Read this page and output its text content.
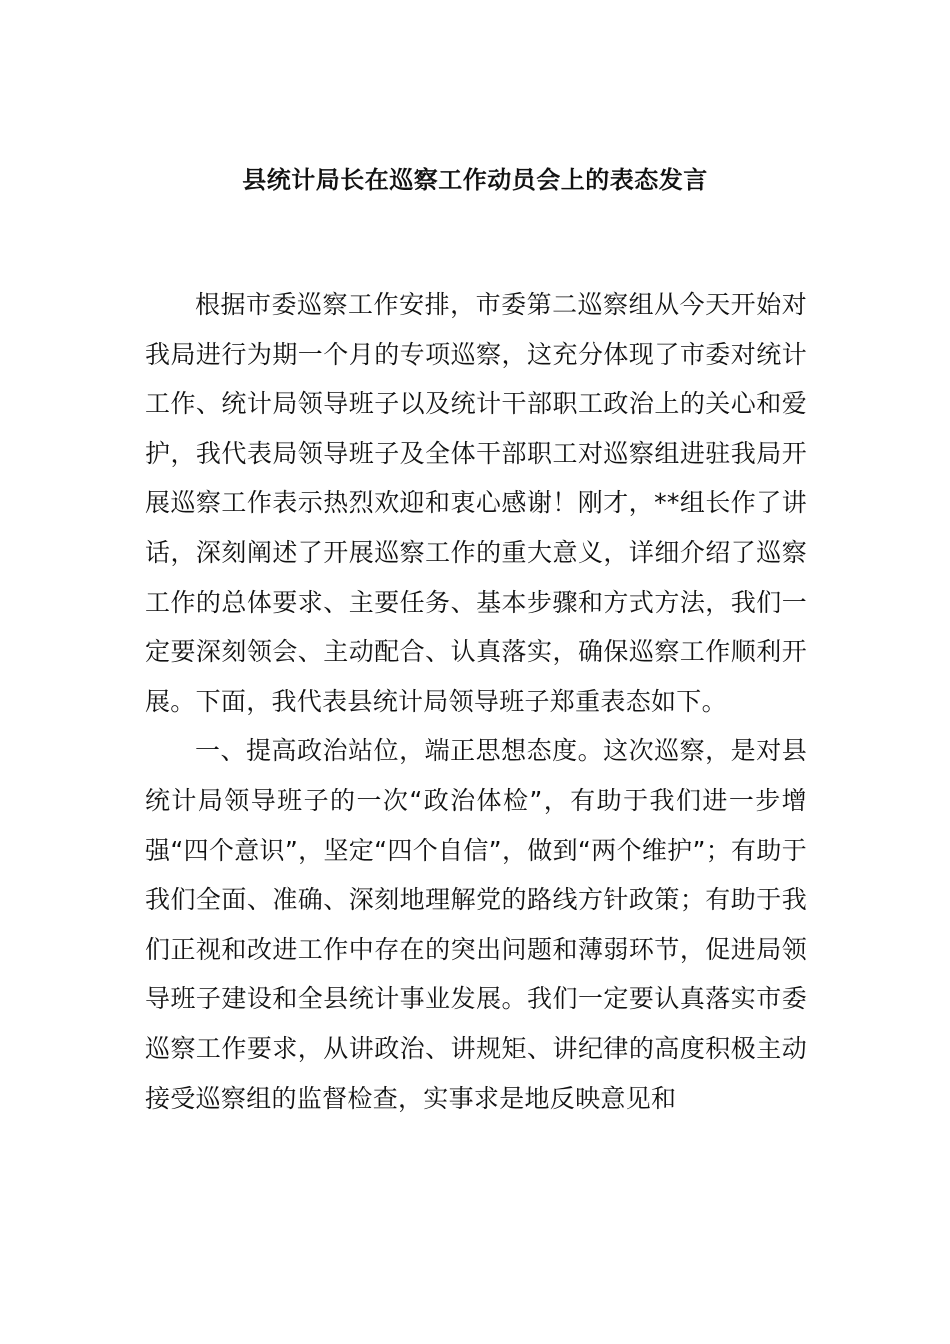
县统计局长在巡察工作动员会上的表态发言

根据市委巡察工作安排，市委第二巡察组从今天开始对我局进行为期一个月的专项巡察，这充分体现了市委对统计工作、统计局领导班子以及统计干部职工政治上的关心和爱护，我代表局领导班子及全体干部职工对巡察组进驻我局开展巡察工作表示热烈欢迎和衷心感谢！刚才，**组长作了讲话，深刻阐述了开展巡察工作的重大意义，详细介绍了巡察工作的总体要求、主要任务、基本步骤和方式方法，我们一定要深刻领会、主动配合、认真落实，确保巡察工作顺利开展。下面，我代表县统计局领导班子郑重表态如下。

一、提高政治站位，端正思想态度。这次巡察，是对县统计局领导班子的一次“政治体检”，有助于我们进一步增强“四个意识”，坚定“四个自信”，做到“两个维护”；有助于我们全面、准确、深刻地理解党的路线方针政策；有助于我们正视和改进工作中存在的突出问题和薄弱环节，促进局领导班子建设和全县统计事业发展。我们一定要认真落实市委巡察工作要求，从讲政治、讲规矩、讲纪律的高度积极主动接受巡察组的监督检查，实事求是地反映意见和
